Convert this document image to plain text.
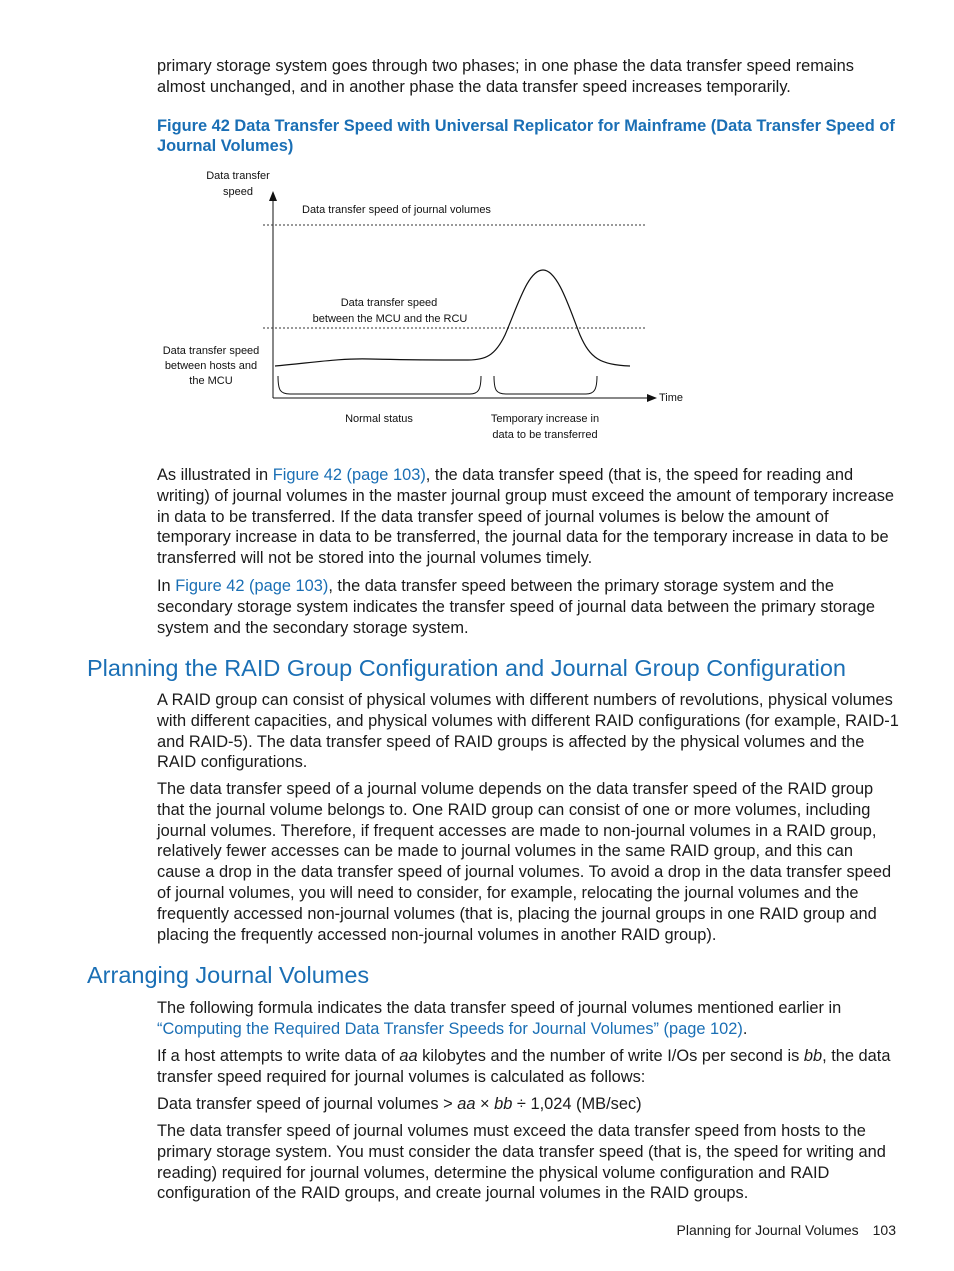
primary storage system goes through two phases; in one phase the data transfer speed remains almost unchanged, and in another phase the data transfer speed increases temporarily.

Figure 42 Data Transfer Speed with Universal Replicator for Mainframe (Data Transfer Speed of Journal Volumes)

Data transfer
speed
Data transfer speed of journal volumes
Data transfer speed
between the MCU and the RCU
Data transfer speed
between hosts and
the MCU
Time
Normal status	Temporary increase in
data to be transferred

As illustrated in Figure 42 (page 103), the data transfer speed (that is, the speed for reading and writing) of journal volumes in the master journal group must exceed the amount of temporary increase in data to be transferred. If the data transfer speed of journal volumes is below the amount of temporary increase in data to be transferred, the journal data for the temporary increase in data to be transferred will not be stored into the journal volumes timely.

In Figure 42 (page 103), the data transfer speed between the primary storage system and the secondary storage system indicates the transfer speed of journal data between the primary storage system and the secondary storage system.

Planning the RAID Group Configuration and Journal Group Configuration

A RAID group can consist of physical volumes with different numbers of revolutions, physical volumes with different capacities, and physical volumes with different RAID configurations (for example, RAID-1 and RAID-5). The data transfer speed of RAID groups is affected by the physical volumes and the RAID configurations.

The data transfer speed of a journal volume depends on the data transfer speed of the RAID group that the journal volume belongs to. One RAID group can consist of one or more volumes, including journal volumes. Therefore, if frequent accesses are made to non-journal volumes in a RAID group, relatively fewer accesses can be made to journal volumes in the same RAID group, and this can cause a drop in the data transfer speed of journal volumes. To avoid a drop in the data transfer speed of journal volumes, you will need to consider, for example, relocating the journal volumes and the frequently accessed non-journal volumes (that is, placing the journal groups in one RAID group and placing the frequently accessed non-journal volumes in another RAID group).

Arranging Journal Volumes

The following formula indicates the data transfer speed of journal volumes mentioned earlier in “Computing the Required Data Transfer Speeds for Journal Volumes” (page 102).

If a host attempts to write data of aa kilobytes and the number of write I/Os per second is bb, the data transfer speed required for journal volumes is calculated as follows:

Data transfer speed of journal volumes > aa × bb ÷ 1,024 (MB/sec)

The data transfer speed of journal volumes must exceed the data transfer speed from hosts to the primary storage system. You must consider the data transfer speed (that is, the speed for writing and reading) required for journal volumes, determine the physical volume configuration and RAID configuration of the RAID groups, and create journal volumes in the RAID groups.

Planning for Journal Volumes 103
